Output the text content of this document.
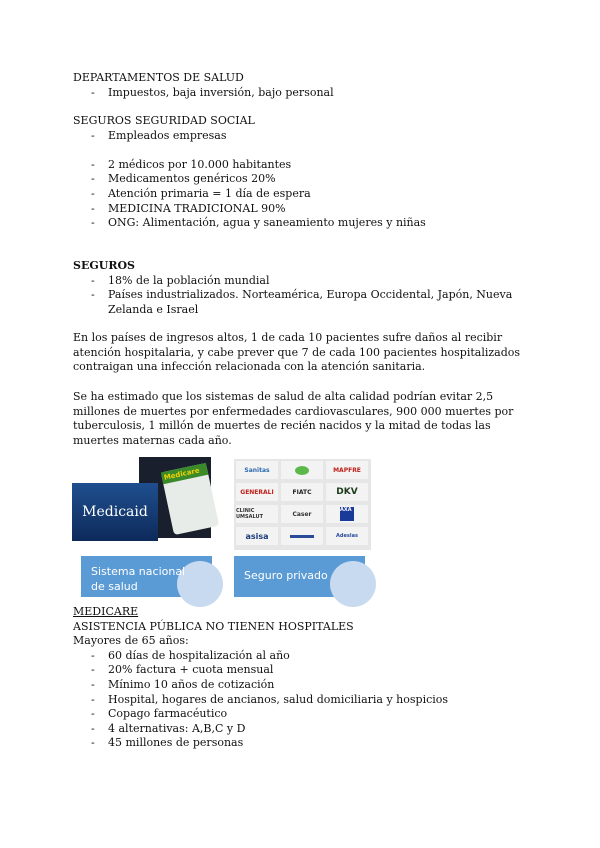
DEPARTAMENTOS DE SALUD
- Impuestos, baja inversión, bajo personal
SEGUROS SEGURIDAD SOCIAL
- Empleados empresas
- 2 médicos por 10.000 habitantes
- Medicamentos genéricos 20%
- Atención primaria = 1 día de espera
- MEDICINA TRADICIONAL 90%
- ONG: Alimentación, agua y saneamiento mujeres y niñas
SEGUROS
- 18% de la población mundial
- Países industrializados. Norteamérica, Europa Occidental, Japón, Nueva Zelanda e Israel
En los países de ingresos altos, 1 de cada 10 pacientes sufre daños al recibir atención hospitalaria, y cabe prever que 7 de cada 100 pacientes hospitalizados contraigan una infección relacionada con la atención sanitaria.
Se ha estimado que los sistemas de salud de alta calidad podrían evitar 2,5 millones de muertes por enfermedades cardiovasculares, 900 000 muertes por tuberculosis, 1 millón de muertes de recién nacidos y la mitad de todas las muertes maternas cada año.
Medicare
Medicaid
Sistema nacional de salud
Sanitas	MAPFRE
GENERALI	FIATC	DKV
CLINIC UMSALUT	Caser
AXA
asisa	Adeslas
Seguro privado
MEDICARE
ASISTENCIA PÚBLICA NO TIENEN HOSPITALES
Mayores de 65 años:
- 60 días de hospitalización al año
- 20% factura + cuota mensual
- Mínimo 10 años de cotización
- Hospital, hogares de ancianos, salud domiciliaria y hospicios
- Copago farmacéutico
- 4 alternativas: A,B,C y D
- 45 millones de personas
